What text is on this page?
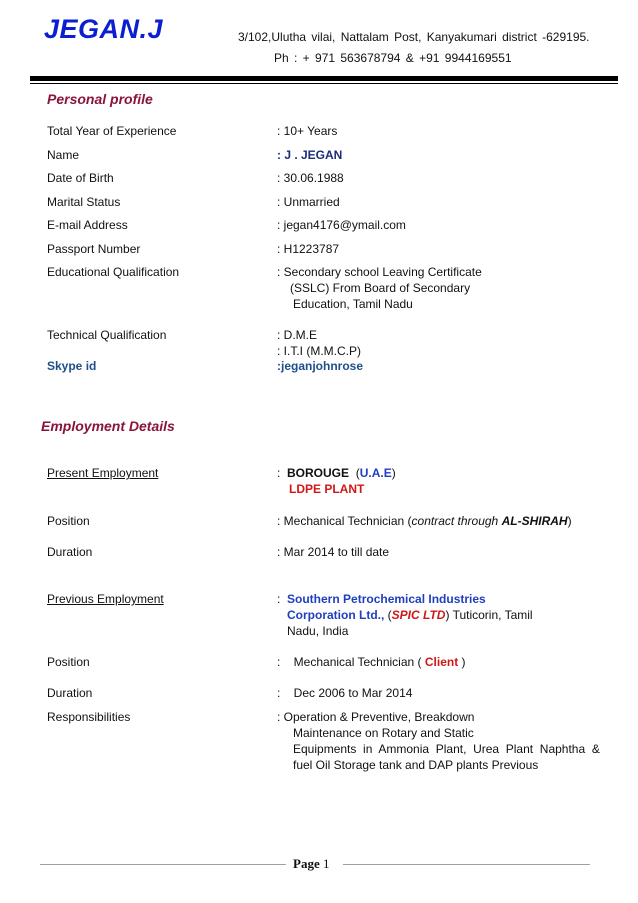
JEGAN.J	3/102,Ulutha vilai, Nattalam Post, Kanyakumari district -629195.
Ph : + 971 563678794 & +91 9944169551
Personal profile
Total Year of Experience	: 10+ Years
Name	: J . JEGAN
Date of Birth	: 30.06.1988
Marital Status	: Unmarried
E-mail Address	: jegan4176@ymail.com
Passport Number	: H1223787
Educational Qualification	: Secondary school Leaving Certificate
(SSLC) From Board of Secondary
Education, Tamil Nadu
Technical Qualification	: D.M.E
: I.T.I (M.M.C.P)
Skype id	:jeganjohnrose
Employment Details
Present Employment	:  BOROUGE  (U.A.E)
LDPE PLANT
Position	: Mechanical Technician (contract through AL-SHIRAH)
Duration	: Mar 2014 to till date
Previous Employment	:  Southern Petrochemical Industries
Corporation Ltd., (SPIC LTD) Tuticorin, Tamil
Nadu, India
Position	:    Mechanical Technician ( Client )
Duration	:    Dec 2006 to Mar 2014
Responsibilities	: Operation & Preventive, Breakdown
Maintenance on Rotary and Static
Equipments  in  Ammonia  Plant,  Urea  Plant  Naphtha  &
fuel Oil Storage tank and DAP plants Previous
Page 1
